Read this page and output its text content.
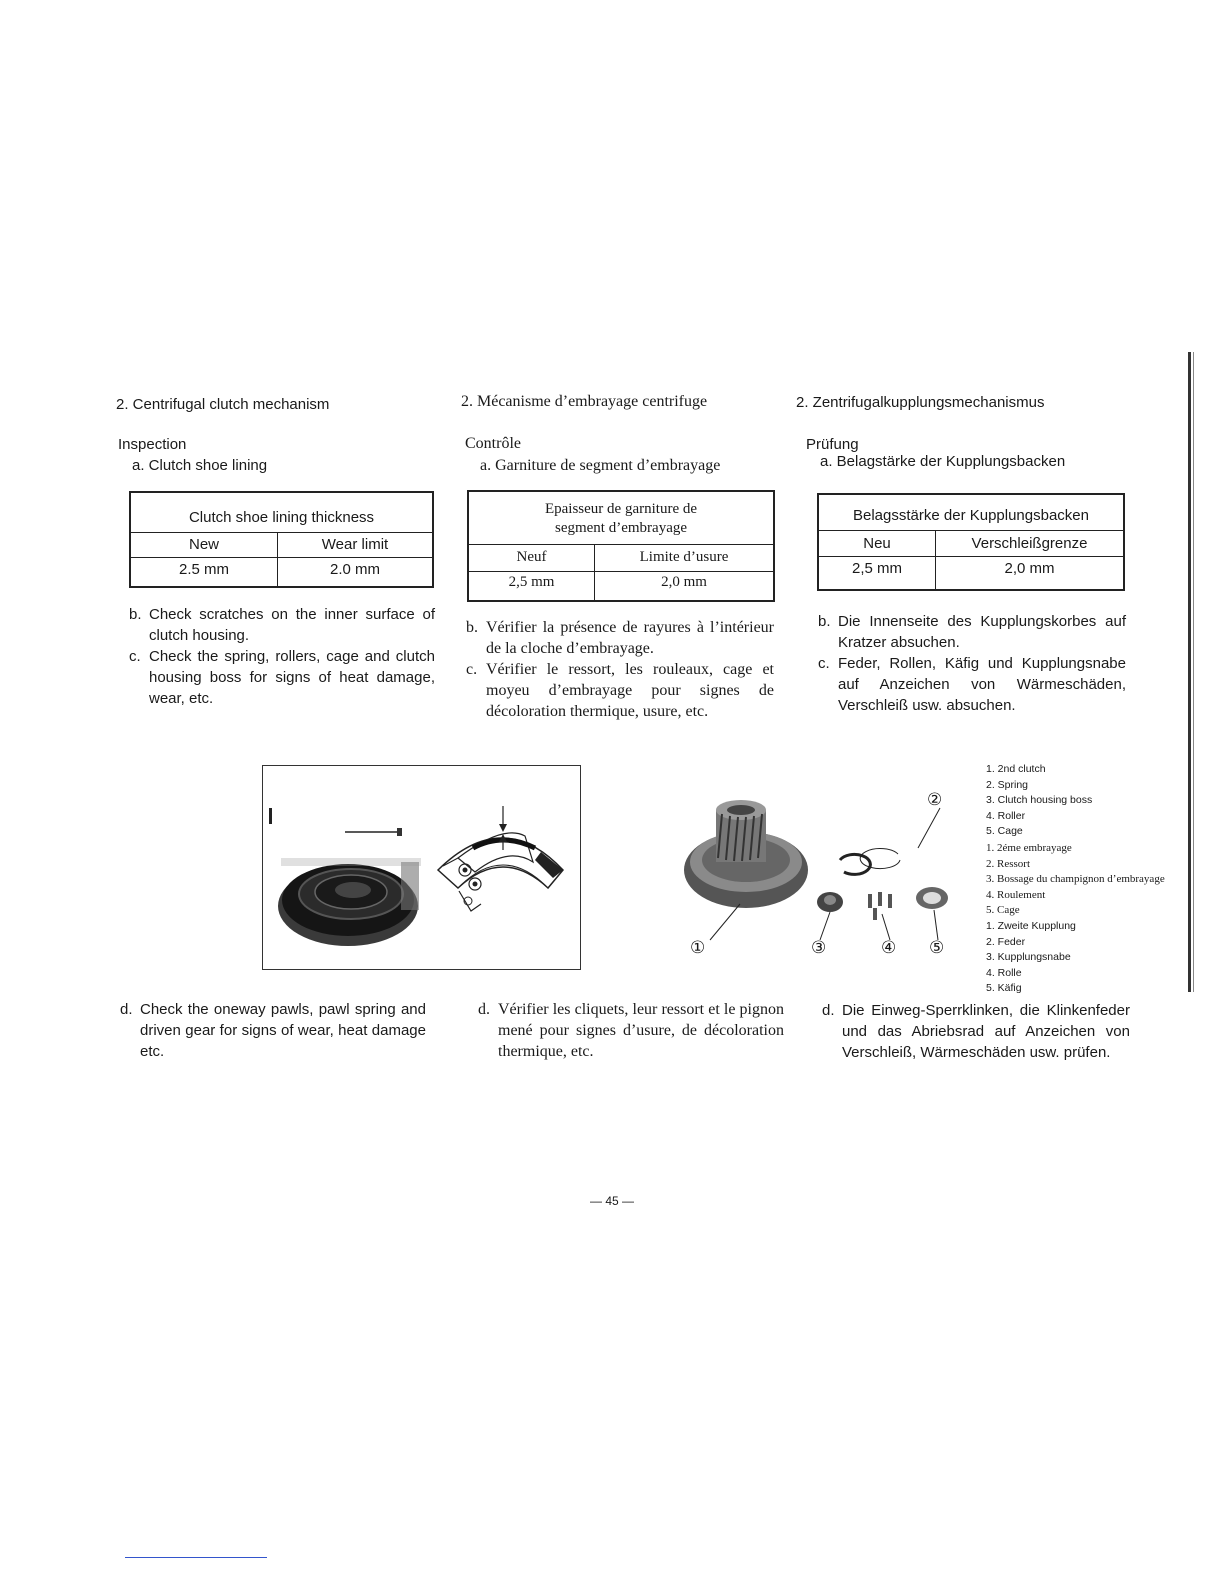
2. Centrifugal clutch mechanism
Inspection
a. Clutch shoe lining
Clutch shoe lining thickness	
New	Wear limit
2.5 mm	2.0 mm
b. Check scratches on the inner surface of clutch housing.
c. Check the spring, rollers, cage and clutch housing boss for signs of heat damage, wear, etc.
2. Mécanisme d’embrayage centrifuge
Contrôle
a. Garniture de segment d’embrayage
Epaisseur de garniture de
segment d’embrayage	

Neuf	Limite d’usure
2,5 mm	2,0 mm
b. Vérifier la présence de rayures à l’intérieur de la cloche d’embrayage.
c. Vérifier le ressort, les rouleaux, cage et moyeu d’embrayage pour signes de décoloration thermique, usure, etc.
2. Zentrifugalkupplungsmechanismus
Prüfung
a. Belagstärke der Kupplungsbacken
Belagsstärke der Kupplungsbacken	
Neu	Verschleißgrenze
2,5 mm	2,0 mm
b. Die Innenseite des Kupplungskorbes auf Kratzer absuchen.
c. Feder, Rollen, Käfig und Kupplungsnabe auf Anzeichen von Wärmeschäden, Verschleiß usw. absuchen.
②
①	③	④ ⑤
1. 2nd clutch
2. Spring
3. Clutch housing boss
4. Roller
5. Cage
1. 2éme embrayage
2. Ressort
3. Bossage du champignon d’embrayage
4. Roulement
5. Cage
1. Zweite Kupplung
2. Feder
3. Kupplungsnabe
4. Rolle
5. Käfig
d. Check the oneway pawls, pawl spring and driven gear for signs of wear, heat damage etc.
d. Vérifier les cliquets, leur ressort et le pignon mené pour signes d’usure, de décoloration thermique, etc.
d. Die Einweg-Sperrklinken, die Klinkenfeder und das Abriebsrad auf Anzeichen von Verschleiß, Wärmeschäden usw. prüfen.
— 45 —
